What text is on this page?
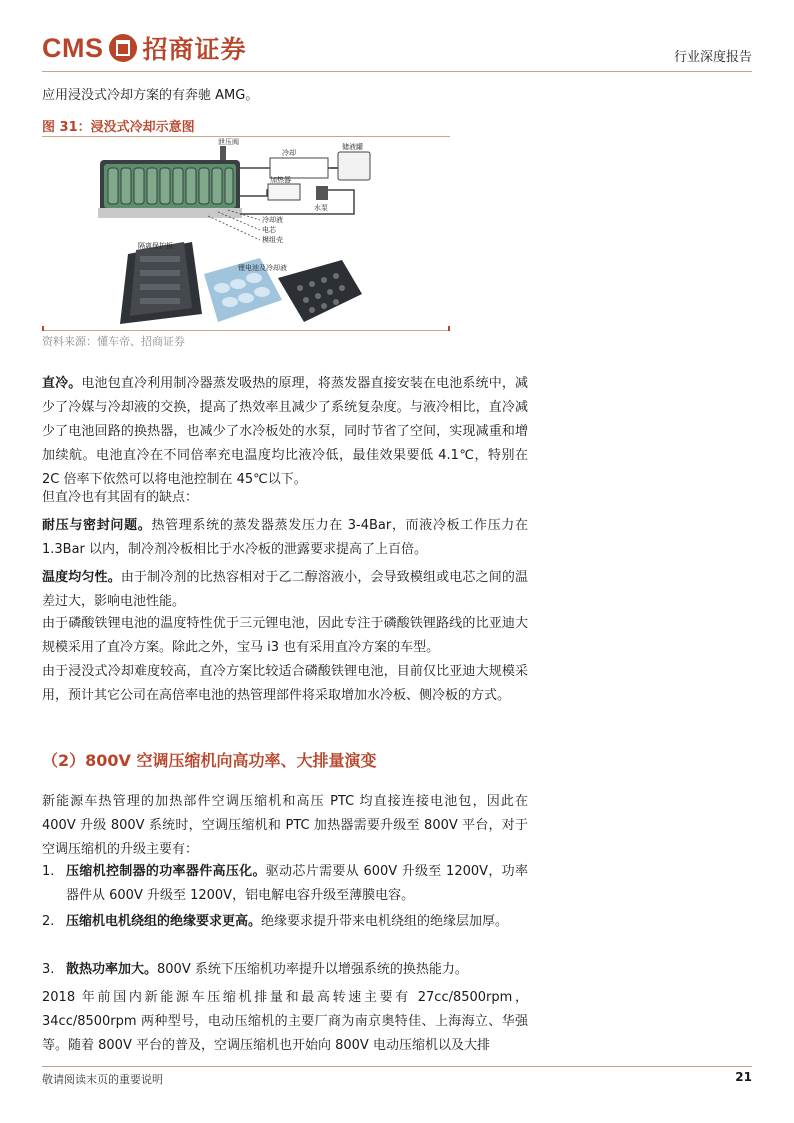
CMS 招商证券	行业深度报告
应用浸没式冷却方案的有奔驰 AMG。
图 31：浸没式冷却示意图
泄压阀
冷却
储液罐
加热器
水泵
冷却液
电芯
模组壳
隔离保护板
锂电池及冷却液
资料来源：懂车帝、招商证券
直冷。电池包直冷利用制冷器蒸发吸热的原理，将蒸发器直接安装在电池系统中，减少了冷媒与冷却液的交换，提高了热效率且减少了系统复杂度。与液冷相比，直冷减少了电池回路的换热器，也减少了水冷板处的水泵，同时节省了空间，实现减重和增加续航。电池直冷在不同倍率充电温度均比液冷低，最佳效果要低 4.1℃，特别在 2C 倍率下依然可以将电池控制在 45℃以下。
但直冷也有其固有的缺点：
耐压与密封问题。热管理系统的蒸发器蒸发压力在 3-4Bar，而液冷板工作压力在 1.3Bar 以内，制冷剂冷板相比于水冷板的泄露要求提高了上百倍。
温度均匀性。由于制冷剂的比热容相对于乙二醇溶液小，会导致模组或电芯之间的温差过大，影响电池性能。
由于磷酸铁锂电池的温度特性优于三元锂电池，因此专注于磷酸铁锂路线的比亚迪大规模采用了直冷方案。除此之外，宝马 i3 也有采用直冷方案的车型。
由于浸没式冷却难度较高，直冷方案比较适合磷酸铁锂电池，目前仅比亚迪大规模采用，预计其它公司在高倍率电池的热管理部件将采取增加水冷板、侧冷板的方式。
（2）800V 空调压缩机向高功率、大排量演变
新能源车热管理的加热部件空调压缩机和高压 PTC 均直接连接电池包，因此在 400V 升级 800V 系统时，空调压缩机和 PTC 加热器需要升级至 800V 平台，对于空调压缩机的升级主要有：
1. 压缩机控制器的功率器件高压化。驱动芯片需要从 600V 升级至 1200V，功率器件从 600V 升级至 1200V，铝电解电容升级至薄膜电容。
2. 压缩机电机绕组的绝缘要求更高。绝缘要求提升带来电机绕组的绝缘层加厚。
3. 散热功率加大。800V 系统下压缩机功率提升以增强系统的换热能力。
2018 年前国内新能源车压缩机排量和最高转速主要有 27cc/8500rpm，34cc/8500rpm 两种型号，电动压缩机的主要厂商为南京奥特佳、上海海立、华强等。随着 800V 平台的普及，空调压缩机也开始向 800V 电动压缩机以及大排
敬请阅读末页的重要说明	21
